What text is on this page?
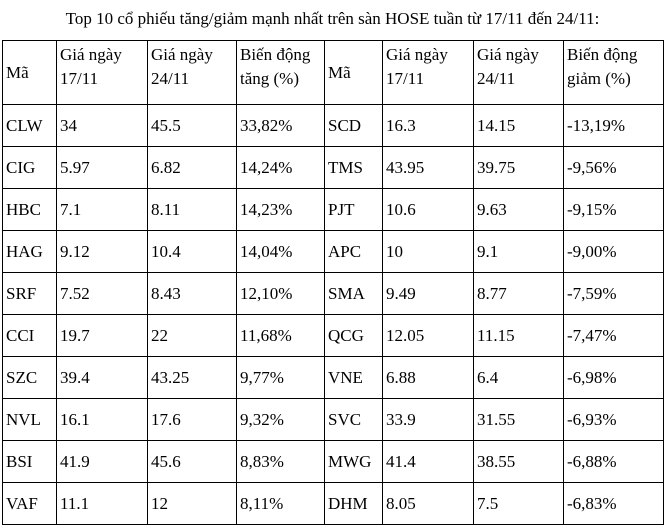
Top 10 cổ phiếu tăng/giảm mạnh nhất trên sàn HOSE tuần từ 17/11 đến 24/11:
Mã	Giá ngày 17/11	Giá ngày 24/11	Biến động tăng (%)	Mã	Giá ngày 17/11	Giá ngày 24/11	Biến động giảm (%)
CLW	34	45.5	33,82%	SCD	16.3	14.15	-13,19%
CIG	5.97	6.82	14,24%	TMS	43.95	39.75	-9,56%
HBC	7.1	8.11	14,23%	PJT	10.6	9.63	-9,15%
HAG	9.12	10.4	14,04%	APC	10	9.1	-9,00%
SRF	7.52	8.43	12,10%	SMA	9.49	8.77	-7,59%
CCI	19.7	22	11,68%	QCG	12.05	11.15	-7,47%
SZC	39.4	43.25	9,77%	VNE	6.88	6.4	-6,98%
NVL	16.1	17.6	9,32%	SVC	33.9	31.55	-6,93%
BSI	41.9	45.6	8,83%	MWG	41.4	38.55	-6,88%
VAF	11.1	12	8,11%	DHM	8.05	7.5	-6,83%
